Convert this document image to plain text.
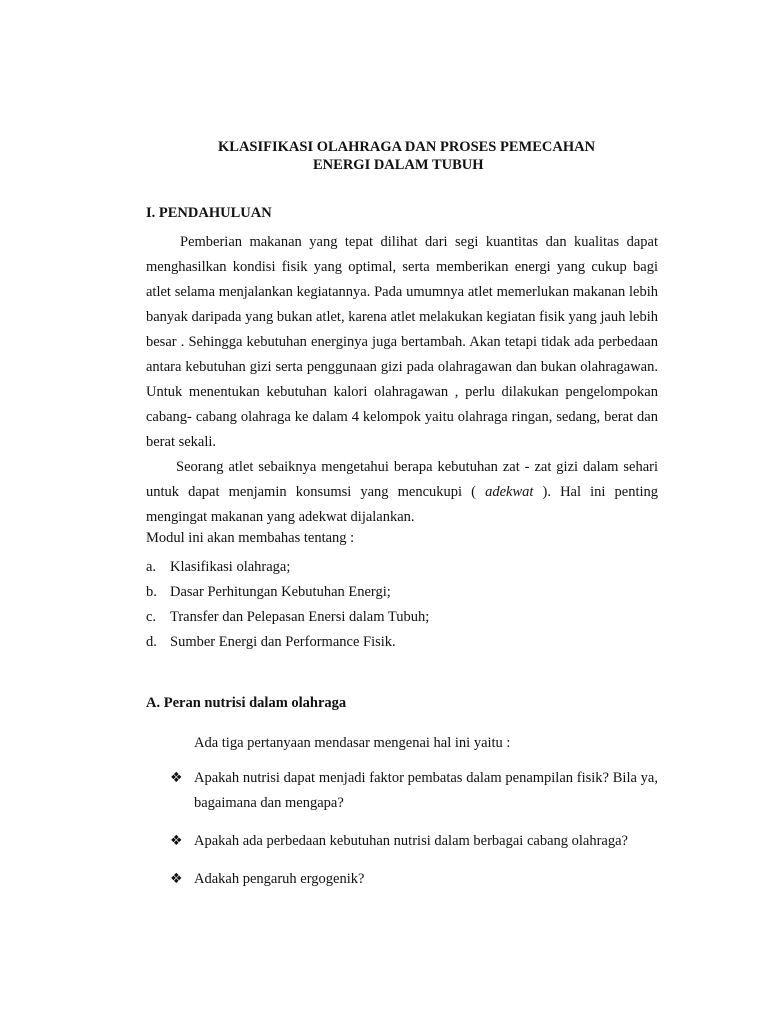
KLASIFIKASI OLAHRAGA DAN PROSES PEMECAHAN
ENERGI DALAM TUBUH
I. PENDAHULUAN

Pemberian makanan yang tepat dilihat dari segi kuantitas dan kualitas dapat menghasilkan kondisi fisik yang optimal, serta memberikan energi yang cukup bagi atlet selama menjalankan kegiatannya. Pada umumnya atlet memerlukan makanan lebih banyak daripada yang bukan atlet, karena atlet melakukan kegiatan fisik yang jauh lebih besar . Sehingga kebutuhan energinya juga bertambah. Akan tetapi tidak ada perbedaan antara kebutuhan gizi serta penggunaan gizi pada olahragawan dan bukan olahragawan. Untuk menentukan kebutuhan kalori olahragawan , perlu dilakukan pengelompokan cabang- cabang olahraga ke dalam 4 kelompok yaitu olahraga ringan, sedang, berat dan berat sekali.

Seorang atlet sebaiknya mengetahui berapa kebutuhan zat - zat gizi dalam sehari untuk dapat menjamin konsumsi yang mencukupi ( adekwat ). Hal ini penting mengingat makanan yang adekwat dijalankan.

Modul ini akan membahas tentang :
a. Klasifikasi olahraga;
b. Dasar Perhitungan Kebutuhan Energi;
c. Transfer dan Pelepasan Enersi dalam Tubuh;
d. Sumber Energi dan Performance Fisik.
A. Peran nutrisi dalam olahraga
Ada tiga pertanyaan mendasar mengenai hal ini yaitu :
❖ Apakah nutrisi dapat menjadi faktor pembatas dalam penampilan fisik? Bila ya, bagaimana dan mengapa?

❖ Apakah ada perbedaan kebutuhan nutrisi dalam berbagai cabang olahraga?

❖ Adakah pengaruh ergogenik?
